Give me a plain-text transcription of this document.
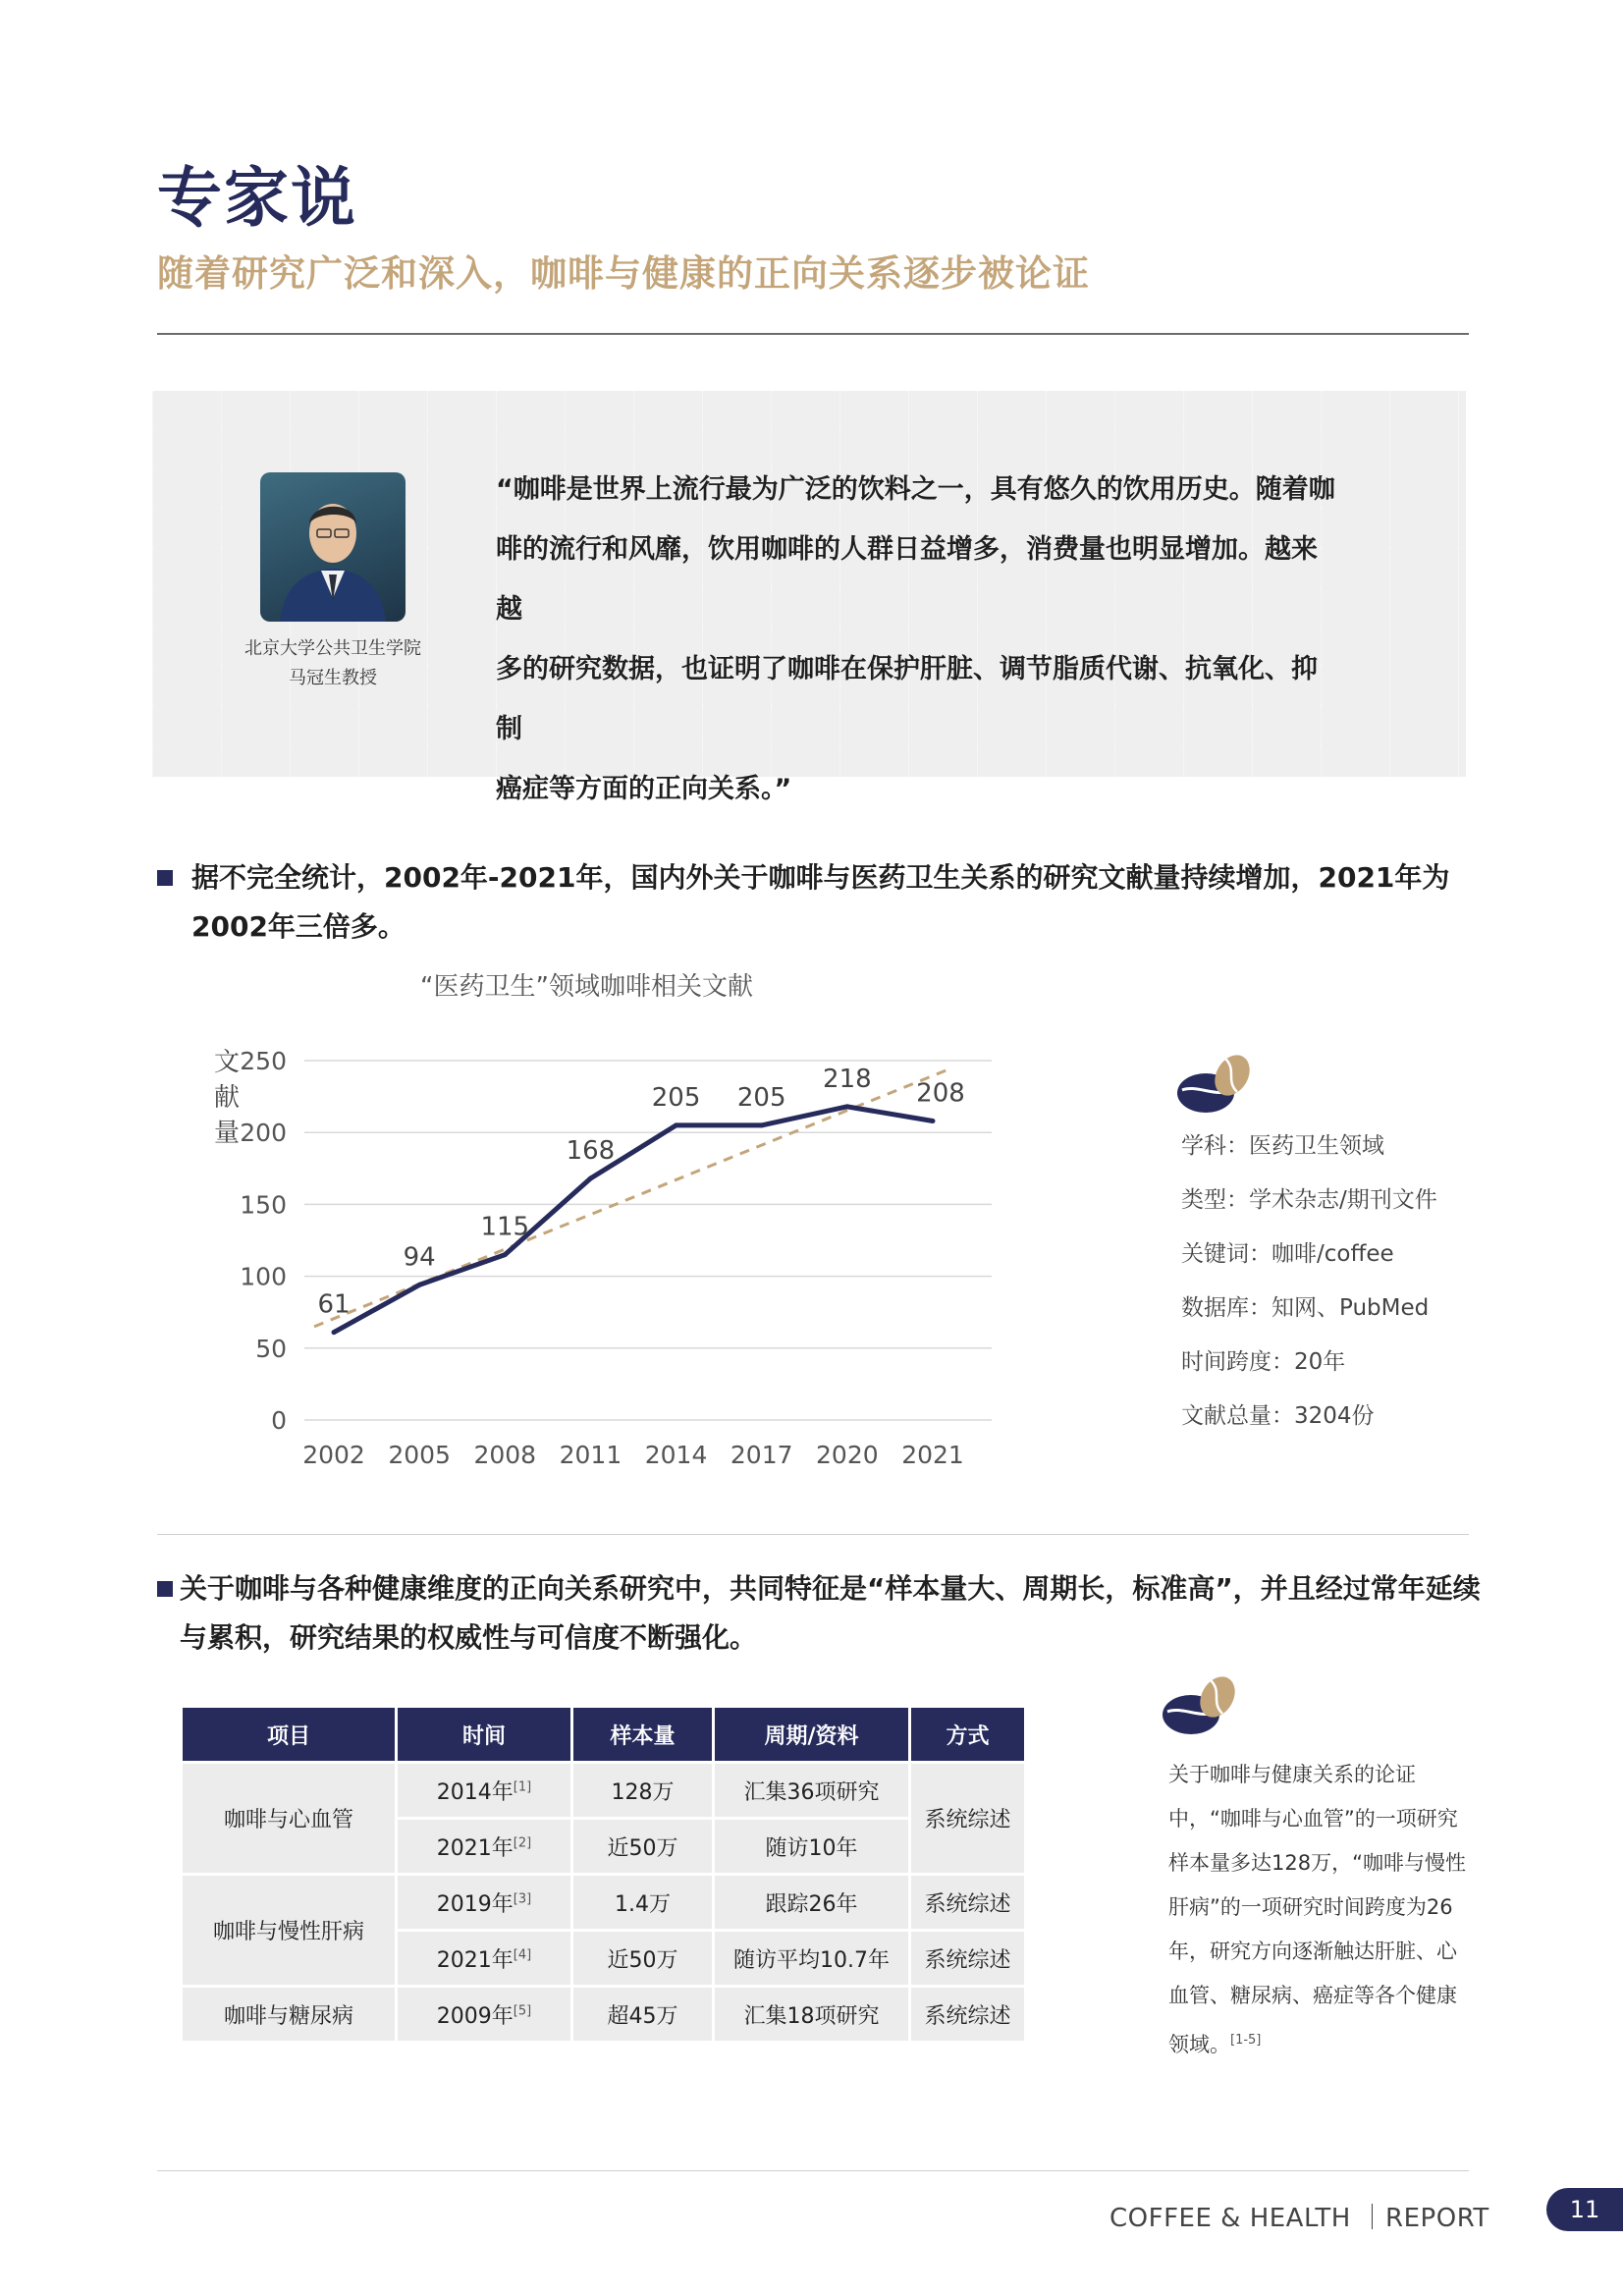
专家说
随着研究广泛和深入，咖啡与健康的正向关系逐步被论证
北京大学公共卫生学院
马冠生教授
“咖啡是世界上流行最为广泛的饮料之一，具有悠久的饮用历史。随着咖
啡的流行和风靡，饮用咖啡的人群日益增多，消费量也明显增加。越来越
多的研究数据，也证明了咖啡在保护肝脏、调节脂质代谢、抗氧化、抑制
癌症等方面的正向关系。”
据不完全统计，2002年-2021年，国内外关于咖啡与医药卫生关系的研究文献量持续增加，2021年为
2002年三倍多。
“医药卫生”领域咖啡相关文献
文
献
量
0
50
100
150
200
250
2002 2005 2008 2011 2014 2017 2020 2021
61
94
115
168
205 205
218 208
学科：医药卫生领域
类型：学术杂志/期刊文件
关键词：咖啡/coffee
数据库：知网、PubMed
时间跨度：20年
文献总量：3204份
关于咖啡与各种健康维度的正向关系研究中，共同特征是“样本量大、周期长，标准高”，并且经过常年延续
与累积，研究结果的权威性与可信度不断强化。
项目	时间	样本量	周期/资料	方式
咖啡与心血管	2014年[1]	128万	汇集36项研究	系统综述
	2021年[2]	近50万	随访10年	
咖啡与慢性肝病	2019年[3]	1.4万	跟踪26年	系统综述
	2021年[4]	近50万	随访平均10.7年	系统综述
咖啡与糖尿病	2009年[5]	超45万	汇集18项研究	系统综述
关于咖啡与健康关系的论证中，“咖啡与心血管”的一项研究样本量多达128万，“咖啡与慢性肝病”的一项研究时间跨度为26年，研究方向逐渐触达肝脏、心血管、糖尿病、癌症等各个健康领域。[1-5]
COFFEE & HEALTH ｜REPORT	11
